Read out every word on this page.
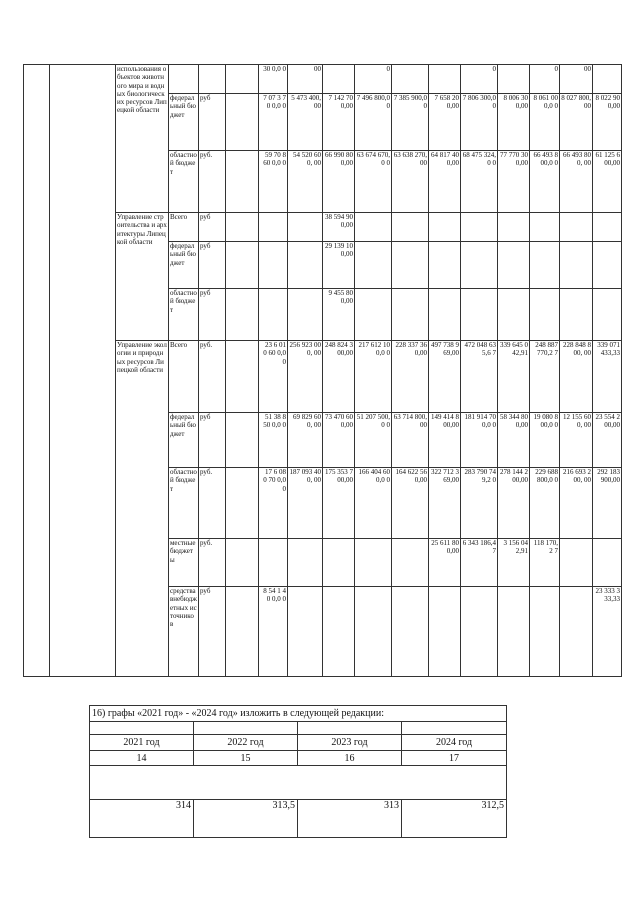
		использования объектов животного мира и водных биологических ресурсов Липецкой области				30 0,0 0	00		0			0		0	00	
			федеральный бюджет	руб		7 07 3 70 0,0 0	5 473 400, 00	7 142 700,00	7 496 800,0 0	7 385 900,00	7 658 200,00	7 806 300,0 0	8 006 300,00	8 061 000,0 0	8 027 800, 00	8 022 900,00
			областной бюджет	руб.		59 70 8 60 0,0 0	54 520 600, 00	66 990 800,00	63 674 670,0 0	63 638 270,00	64 817 400,00	68 475 324,0 0	77 770 300,00	66 493 800,0 0	66 493 800, 00	61 125 600,00
		Управление строительства и архитектуры Липецкой области	Всего	руб				38 594 900,00								
			федеральный бюджет	руб				29 139 100,00								
			областной бюджет	руб				9 455 800,00								
		Управление экологии и природных ресурсов Липецкой области	Всего	руб.		23 6 01 0 60 0,0 0	256 923 000, 00	248 824 300,00	217 612 100,0 0	228 337 360,00	497 738 969,00	472 048 635,6 7	339 645 042,91	248 887 770,2 7	228 848 800, 00	339 071 433,33
			федеральный бюджет	руб		51 38 8 50 0,0 0	69 829 600, 00	73 470 600,00	51 207 500,0 0	63 714 800,00	149 414 800,00	181 914 700,0 0	58 344 800,00	19 080 800,0 0	12 155 600, 00	23 554 200,00
			областной бюджет	руб.		17 6 08 0 70 0,0 0	187 093 400, 00	175 353 700,00	166 404 600,0 0	164 622 560,00	322 712 369,00	283 790 749,2 0	278 144 200,00	229 688 800,0 0	216 693 200, 00	292 183 900,00
			местные бюджеты	руб.							25 611 800,00	6 343 186,4 7	3 156 042,91	118 170,2 7		
			средства внебюджетных источников	руб		8 54 1 40 0,0 0										23 333 333,33
16) графы «2021 год» - «2024 год» изложить в следующей редакции:			

2021 год	2022 год	2023 год	2024 год
14	15	16	17

314	313,5	313	312,5
